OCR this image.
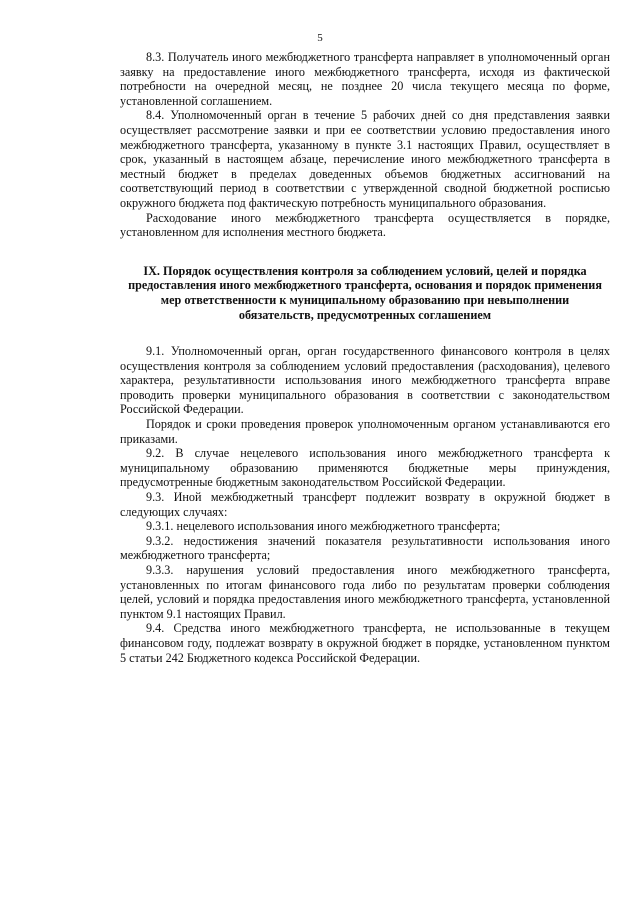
5

8.3. Получатель иного межбюджетного трансферта направляет в уполномоченный орган заявку на предоставление иного межбюджетного трансферта, исходя из фактической потребности на очередной месяц, не позднее 20 числа текущего месяца по форме, установленной соглашением.

8.4. Уполномоченный орган в течение 5 рабочих дней со дня представления заявки осуществляет рассмотрение заявки и при ее соответствии условию предоставления иного межбюджетного трансферта, указанному в пункте 3.1 настоящих Правил, осуществляет в срок, указанный в настоящем абзаце, перечисление иного межбюджетного трансферта в местный бюджет в пределах доведенных объемов бюджетных ассигнований на соответствующий период в соответствии с утвержденной сводной бюджетной росписью окружного бюджета под фактическую потребность муниципального образования.

Расходование иного межбюджетного трансферта осуществляется в порядке, установленном для исполнения местного бюджета.

IX. Порядок осуществления контроля за соблюдением условий, целей и порядка предоставления иного межбюджетного трансферта, основания и порядок применения мер ответственности к муниципальному образованию при невыполнении обязательств, предусмотренных соглашением

9.1. Уполномоченный орган, орган государственного финансового контроля в целях осуществления контроля за соблюдением условий предоставления (расходования), целевого характера, результативности использования иного межбюджетного трансферта вправе проводить проверки муниципального образования в соответствии с законодательством Российской Федерации.

Порядок и сроки проведения проверок уполномоченным органом устанавливаются его приказами.

9.2. В случае нецелевого использования иного межбюджетного трансферта к муниципальному образованию применяются бюджетные меры принуждения, предусмотренные бюджетным законодательством Российской Федерации.

9.3. Иной межбюджетный трансферт подлежит возврату в окружной бюджет в следующих случаях:

9.3.1. нецелевого использования иного межбюджетного трансферта;

9.3.2. недостижения значений показателя результативности использования иного межбюджетного трансферта;

9.3.3. нарушения условий предоставления иного межбюджетного трансферта, установленных по итогам финансового года либо по результатам проверки соблюдения целей, условий и порядка предоставления иного межбюджетного трансферта, установленной пунктом 9.1 настоящих Правил.

9.4. Средства иного межбюджетного трансферта, не использованные в текущем финансовом году, подлежат возврату в окружной бюджет в порядке, установленном пунктом 5 статьи 242 Бюджетного кодекса Российской Федерации.
